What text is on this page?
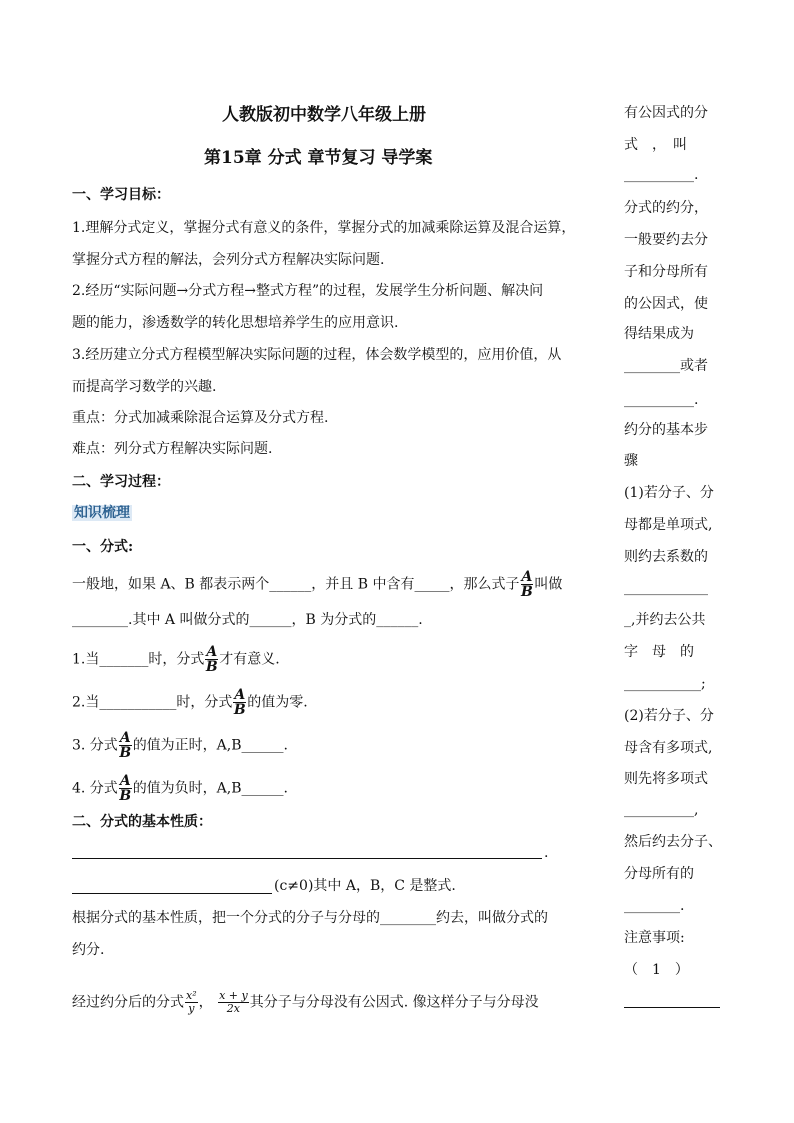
人教版初中数学八年级上册
第15章 分式 章节复习 导学案
一、学习目标：
1.理解分式定义，掌握分式有意义的条件，掌握分式的加减乘除运算及混合运算，
掌握分式方程的解法，会列分式方程解决实际问题.
2.经历“实际问题→分式方程→整式方程”的过程，发展学生分析问题、解决问
题的能力，渗透数学的转化思想培养学生的应用意识.
3.经历建立分式方程模型解决实际问题的过程，体会数学模型的，应用价值，从
而提高学习数学的兴趣.
重点：分式加减乘除混合运算及分式方程.
难点：列分式方程解决实际问题.
二、学习过程：
知识梳理
一、分式:
一般地，如果 A、B 都表示两个______，并且 B 中含有_____，那么式子 $\frac{A}{B}$ 叫做
________.其中 A 叫做分式的______，B 为分式的______.
1.当_______时，分式 $\frac{A}{B}$ 才有意义.
2.当___________时，分式 $\frac{A}{B}$ 的值为零.
3. 分式 $\frac{A}{B}$ 的值为正时，A,B______.
4. 分式 $\frac{A}{B}$ 的值为负时，A,B______.
二、分式的基本性质：
.
(c≠0)其中 A，B，C 是整式.
根据分式的基本性质，把一个分式的分子与分母的________约去，叫做分式的
约分.
经过约分后的分式 $\frac{\text{x²}}{y}$ ， $\frac{x + y}{2x}$ 其分子与分母没有公因式. 像这样分子与分母没
有公因式的分
式　，　叫
__________.
分式的约分，
一般要约去分
子和分母所有
的公因式，使
得结果成为
________或者
__________.
约分的基本步
骤
(1)若分子、分
母都是单项式,
则约去系数的
____________
_,并约去公共
字　母　的
___________;
(2)若分子、分
母含有多项式,
则先将多项式
__________,
然后约去分子、
分母所有的
________.
注意事项:
（　1　）
